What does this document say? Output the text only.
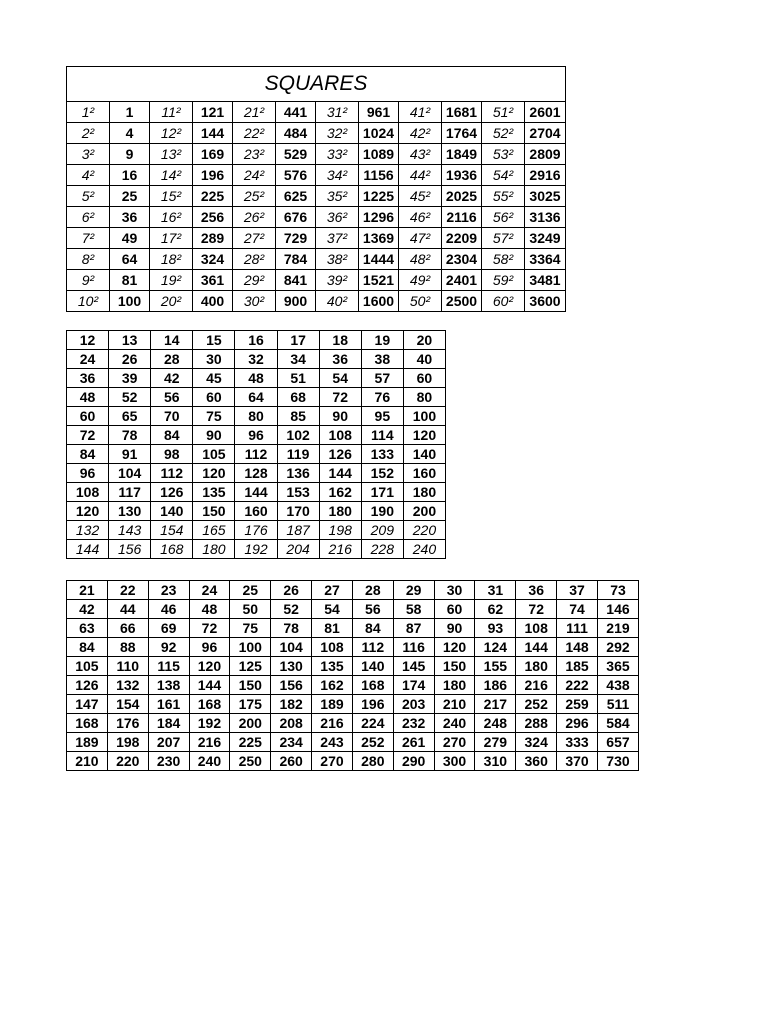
SQUARES											
1²	1	11²	121	21²	441	31²	961	41²	1681	51²	2601
2²	4	12²	144	22²	484	32²	1024	42²	1764	52²	2704
3²	9	13²	169	23²	529	33²	1089	43²	1849	53²	2809
4²	16	14²	196	24²	576	34²	1156	44²	1936	54²	2916
5²	25	15²	225	25²	625	35²	1225	45²	2025	55²	3025
6²	36	16²	256	26²	676	36²	1296	46²	2116	56²	3136
7²	49	17²	289	27²	729	37²	1369	47²	2209	57²	3249
8²	64	18²	324	28²	784	38²	1444	48²	2304	58²	3364
9²	81	19²	361	29²	841	39²	1521	49²	2401	59²	3481
10²	100	20²	400	30²	900	40²	1600	50²	2500	60²	3600
12	13	14	15	16	17	18	19	20
24	26	28	30	32	34	36	38	40
36	39	42	45	48	51	54	57	60
48	52	56	60	64	68	72	76	80
60	65	70	75	80	85	90	95	100
72	78	84	90	96	102	108	114	120
84	91	98	105	112	119	126	133	140
96	104	112	120	128	136	144	152	160
108	117	126	135	144	153	162	171	180
120	130	140	150	160	170	180	190	200
132	143	154	165	176	187	198	209	220
144	156	168	180	192	204	216	228	240
21	22	23	24	25	26	27	28	29	30	31	36	37	73
42	44	46	48	50	52	54	56	58	60	62	72	74	146
63	66	69	72	75	78	81	84	87	90	93	108	111	219
84	88	92	96	100	104	108	112	116	120	124	144	148	292
105	110	115	120	125	130	135	140	145	150	155	180	185	365
126	132	138	144	150	156	162	168	174	180	186	216	222	438
147	154	161	168	175	182	189	196	203	210	217	252	259	511
168	176	184	192	200	208	216	224	232	240	248	288	296	584
189	198	207	216	225	234	243	252	261	270	279	324	333	657
210	220	230	240	250	260	270	280	290	300	310	360	370	730
